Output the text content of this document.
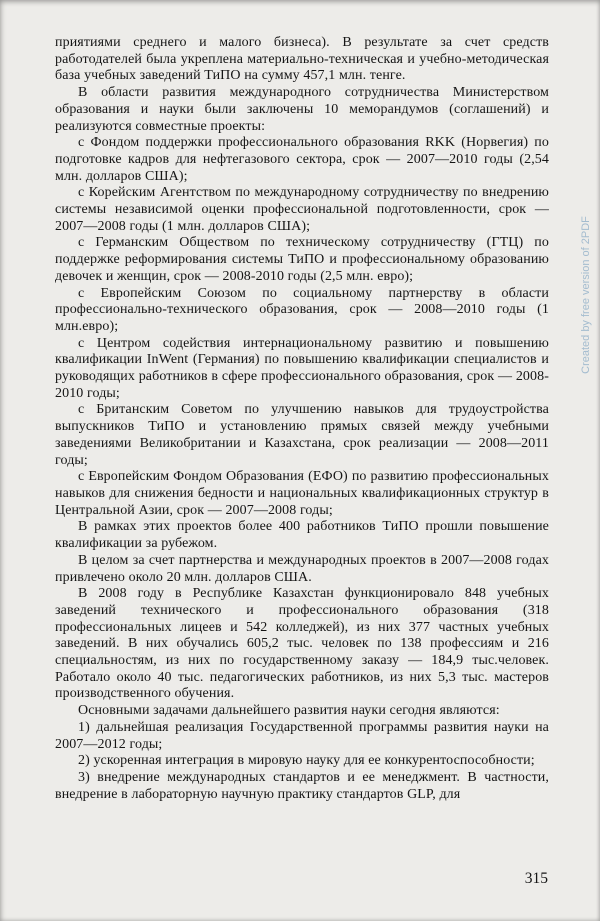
приятиями среднего и малого бизнеса). В результате за счет средств работодателей была укреплена материально-техническая и учебно-методическая база учебных заведений ТиПО на сумму 457,1 млн. тенге.

В области развития международного сотрудничества Министерством образования и науки были заключены 10 меморандумов (соглашений) и реализуются совместные проекты:

с Фондом поддержки профессионального образования RKK (Норвегия) по подготовке кадров для нефтегазового сектора, срок — 2007—2010 годы (2,54 млн. долларов США);

с Корейским Агентством по международному сотрудничеству по внедрению системы независимой оценки профессиональной подготовленности, срок — 2007—2008 годы (1 млн. долларов США);

с Германским Обществом по техническому сотрудничеству (ГТЦ) по поддержке реформирования системы ТиПО и профессиональному образованию девочек и женщин, срок — 2008-2010 годы (2,5 млн. евро);

с Европейским Союзом по социальному партнерству в области профессионально-технического образования, срок — 2008—2010 годы (1 млн.евро);

с Центром содействия интернациональному развитию и повышению квалификации InWent (Германия) по повышению квалификации специалистов и руководящих работников в сфере профессионального образования, срок — 2008-2010 годы;

с Британским Советом по улучшению навыков для трудоустройства выпускников ТиПО и установлению прямых связей между учебными заведениями Великобритании и Казахстана, срок реализации — 2008—2011 годы;

с Европейским Фондом Образования (ЕФО) по развитию профессиональных навыков для снижения бедности и национальных квалификационных структур в Центральной Азии, срок — 2007—2008 годы;

В рамках этих проектов более 400 работников ТиПО прошли повышение квалификации за рубежом.

В целом за счет партнерства и международных проектов в 2007—2008 годах привлечено около 20 млн. долларов США.

В 2008 году в Республике Казахстан функционировало 848 учебных заведений технического и профессионального образования (318 профессиональных лицеев и 542 колледжей), из них 377 частных учебных заведений. В них обучались 605,2 тыс. человек по 138 профессиям и 216 специальностям, из них по государственному заказу — 184,9 тыс.человек. Работало около 40 тыс. педагогических работников, из них 5,3 тыс. мастеров производственного обучения.

Основными задачами дальнейшего развития науки сегодня являются:

1) дальнейшая реализация Государственной программы развития науки на 2007—2012 годы;

2) ускоренная интеграция в мировую науку для ее конкурентоспособности;

3) внедрение международных стандартов и ее менеджмент. В частности, внедрение в лабораторную научную практику стандартов GLP, для

Created by free version of 2PDF
315
